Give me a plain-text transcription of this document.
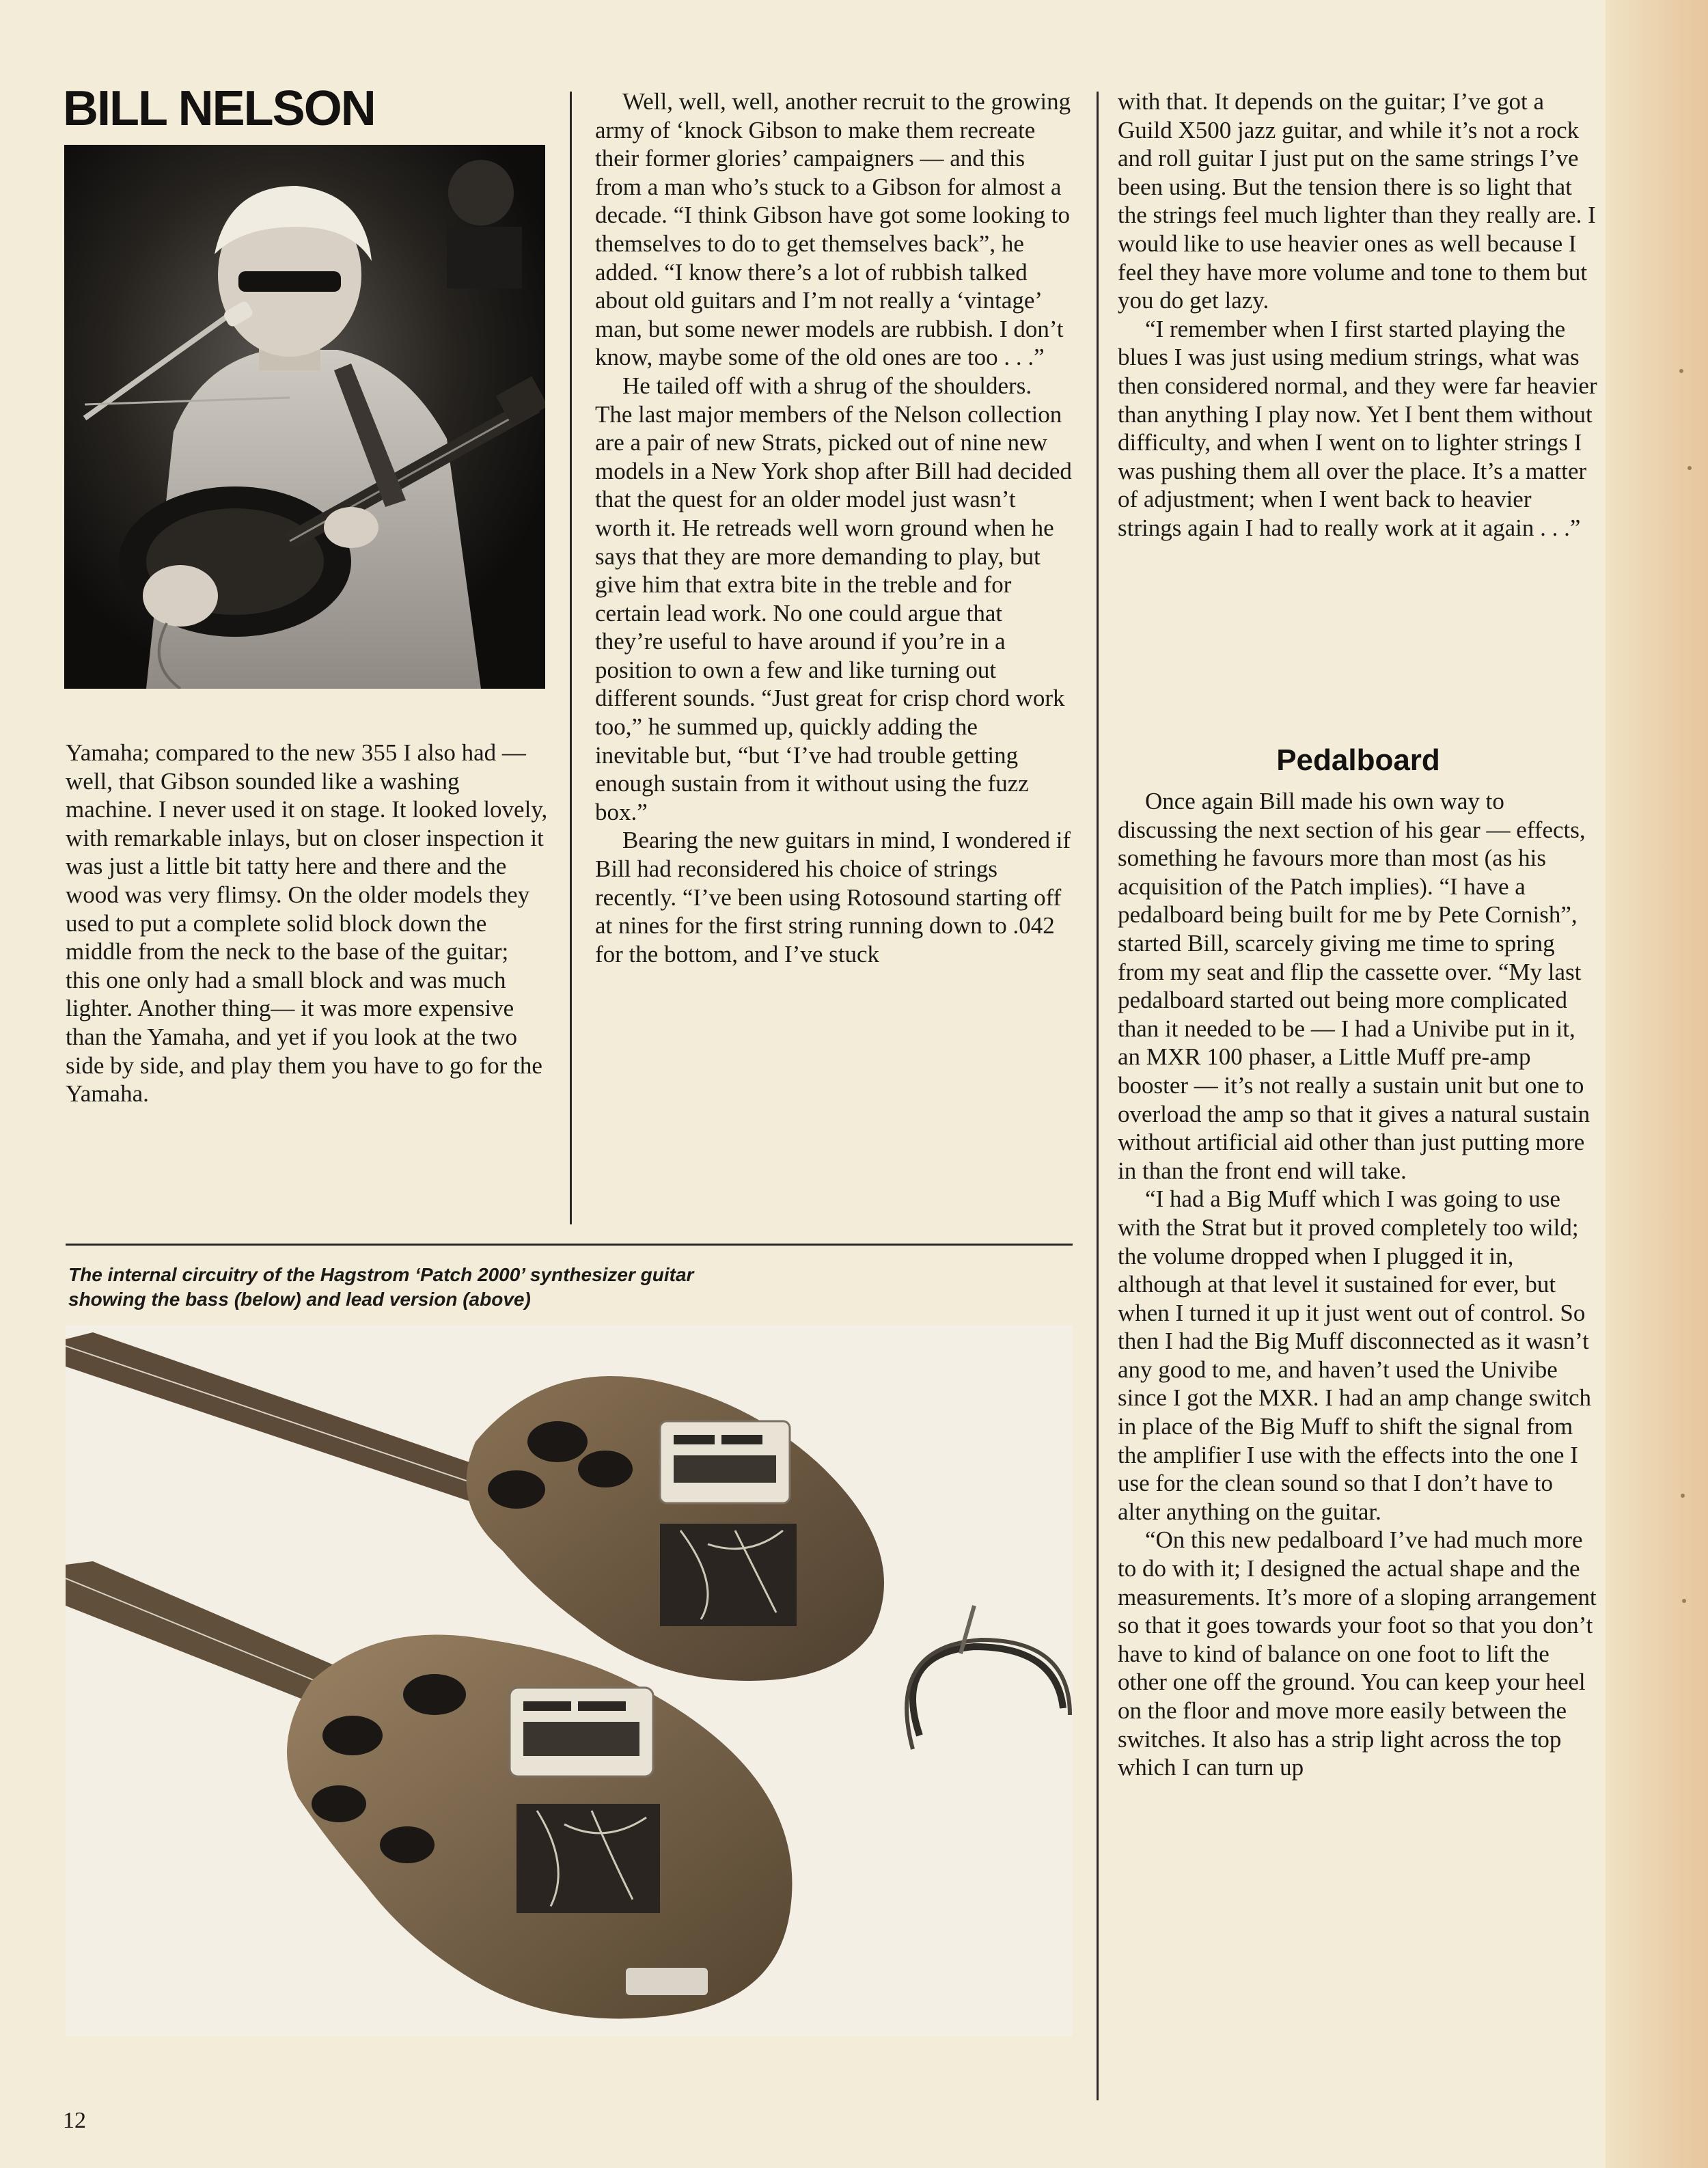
BILL NELSON

Yamaha; compared to the new 355 I also had — well, that Gibson sounded like a washing machine. I never used it on stage. It looked lovely, with remarkable inlays, but on closer inspection it was just a little bit tatty here and there and the wood was very flimsy. On the older models they used to put a complete solid block down the middle from the neck to the base of the guitar; this one only had a small block and was much lighter. Another thing— it was more expensive than the Yamaha, and yet if you look at the two side by side, and play them you have to go for the Yamaha.

Well, well, well, another recruit to the growing army of ‘knock Gibson to make them recreate their former glories’ campaigners — and this from a man who’s stuck to a Gibson for almost a decade. “I think Gibson have got some looking to themselves to do to get themselves back”, he added. “I know there’s a lot of rubbish talked about old guitars and I’m not really a ‘vintage’ man, but some newer models are rubbish. I don’t know, maybe some of the old ones are too . . .”

He tailed off with a shrug of the shoulders. The last major members of the Nelson collection are a pair of new Strats, picked out of nine new models in a New York shop after Bill had decided that the quest for an older model just wasn’t worth it. He retreads well worn ground when he says that they are more demanding to play, but give him that extra bite in the treble and for certain lead work. No one could argue that they’re useful to have around if you’re in a position to own a few and like turning out different sounds. “Just great for crisp chord work too,” he summed up, quickly adding the inevitable but, “but ‘I’ve had trouble getting enough sustain from it without using the fuzz box.”

Bearing the new guitars in mind, I wondered if Bill had reconsidered his choice of strings recently. “I’ve been using Rotosound starting off at nines for the first string running down to .042 for the bottom, and I’ve stuck

with that. It depends on the guitar; I’ve got a Guild X500 jazz guitar, and while it’s not a rock and roll guitar I just put on the same strings I’ve been using. But the tension there is so light that the strings feel much lighter than they really are. I would like to use heavier ones as well because I feel they have more volume and tone to them but you do get lazy.

“I remember when I first started playing the blues I was just using medium strings, what was then considered normal, and they were far heavier than anything I play now. Yet I bent them without difficulty, and when I went on to lighter strings I was pushing them all over the place. It’s a matter of adjustment; when I went back to heavier strings again I had to really work at it again . . .”

Pedalboard

Once again Bill made his own way to discussing the next section of his gear — effects, something he favours more than most (as his acquisition of the Patch implies). “I have a pedalboard being built for me by Pete Cornish”, started Bill, scarcely giving me time to spring from my seat and flip the cassette over. “My last pedalboard started out being more complicated than it needed to be — I had a Univibe put in it, an MXR 100 phaser, a Little Muff pre-amp booster — it’s not really a sustain unit but one to overload the amp so that it gives a natural sustain without artificial aid other than just putting more in than the front end will take.

“I had a Big Muff which I was going to use with the Strat but it proved completely too wild; the volume dropped when I plugged it in, although at that level it sustained for ever, but when I turned it up it just went out of control. So then I had the Big Muff disconnected as it wasn’t any good to me, and haven’t used the Univibe since I got the MXR. I had an amp change switch in place of the Big Muff to shift the signal from the amplifier I use with the effects into the one I use for the clean sound so that I don’t have to alter anything on the guitar.

“On this new pedalboard I’ve had much more to do with it; I designed the actual shape and the measurements. It’s more of a sloping arrangement so that it goes towards your foot so that you don’t have to kind of balance on one foot to lift the other one off the ground. You can keep your heel on the floor and move more easily between the switches. It also has a strip light across the top which I can turn up

The internal circuitry of the Hagstrom ‘Patch 2000’ synthesizer guitar
showing the bass (below) and lead version (above)
12
